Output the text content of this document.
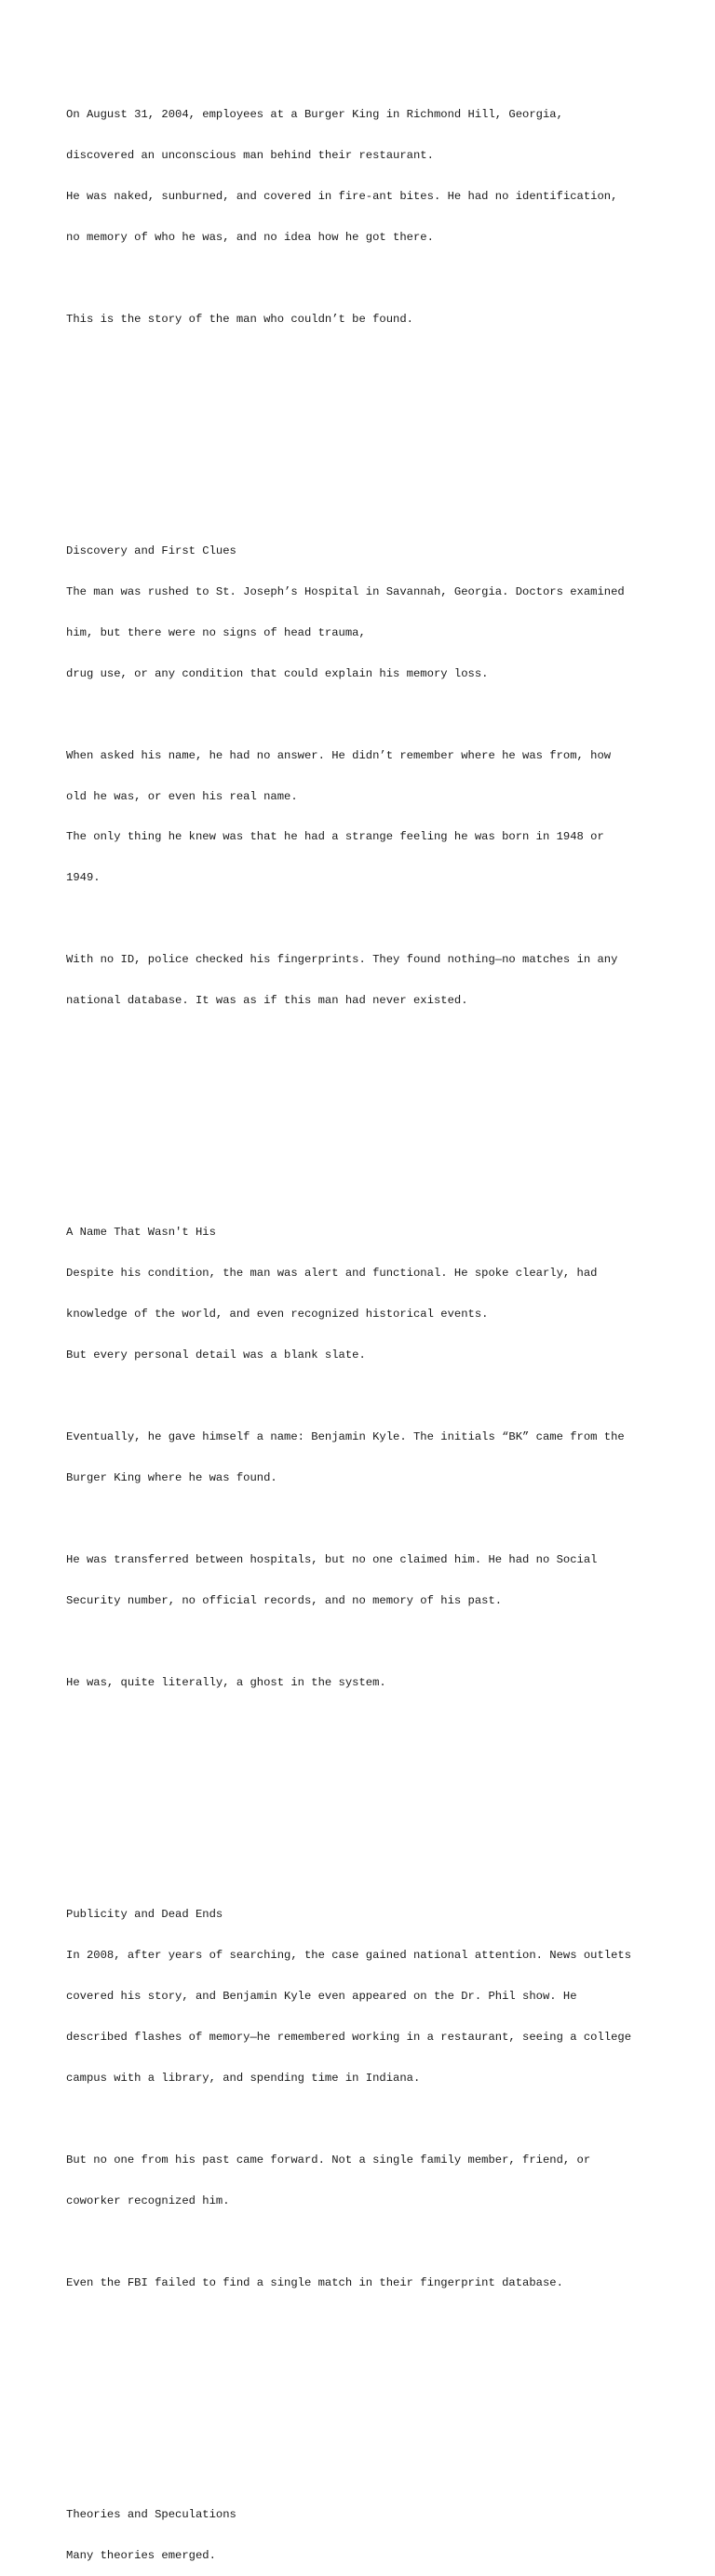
On August 31, 2004, employees at a Burger King in Richmond Hill, Georgia,

discovered an unconscious man behind their restaurant.

He was naked, sunburned, and covered in fire-ant bites. He had no identification,

no memory of who he was, and no idea how he got there.

This is the story of the man who couldn’t be found.

Discovery and First Clues

The man was rushed to St. Joseph’s Hospital in Savannah, Georgia. Doctors examined

him, but there were no signs of head trauma,

drug use, or any condition that could explain his memory loss.

When asked his name, he had no answer. He didn’t remember where he was from, how

old he was, or even his real name.

The only thing he knew was that he had a strange feeling he was born in 1948 or

1949.

With no ID, police checked his fingerprints. They found nothing—no matches in any

national database. It was as if this man had never existed.

A Name That Wasn't His

Despite his condition, the man was alert and functional. He spoke clearly, had

knowledge of the world, and even recognized historical events.

But every personal detail was a blank slate.

Eventually, he gave himself a name: Benjamin Kyle. The initials “BK” came from the

Burger King where he was found.

He was transferred between hospitals, but no one claimed him. He had no Social

Security number, no official records, and no memory of his past.

He was, quite literally, a ghost in the system.

Publicity and Dead Ends

In 2008, after years of searching, the case gained national attention. News outlets

covered his story, and Benjamin Kyle even appeared on the Dr. Phil show. He

described flashes of memory—he remembered working in a restaurant, seeing a college

campus with a library, and spending time in Indiana.

But no one from his past came forward. Not a single family member, friend, or

coworker recognized him.

Even the FBI failed to find a single match in their fingerprint database.

Theories and Speculations

Many theories emerged.
